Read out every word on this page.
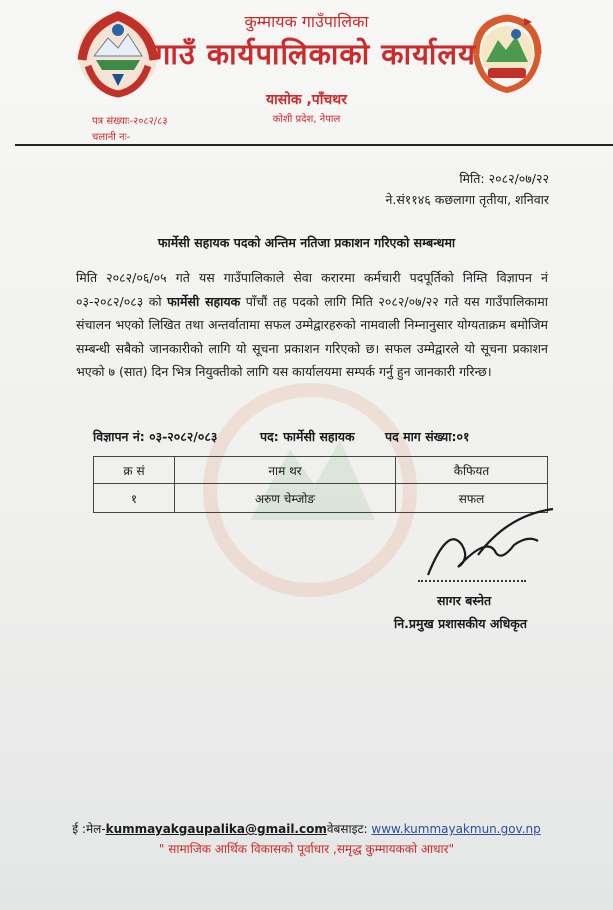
कुम्मायक गाउँपालिका
गाउँ कार्यपालिकाको कार्यालय
यासोक ,पाँचथर
कोशी प्रदेश, नेपाल
पत्र संख्याः-२०८२/८३
चलानी नः-
मिति: २०८२/०७/२२
ने.सं११४६ कछलागा तृतीया, शनिवार
फार्मेसी सहायक पदको अन्तिम नतिजा प्रकाशन गरिएको सम्बन्धमा
मिति २०८२/०६/०५ गते यस गाउँपालिकाले सेवा करारमा कर्मचारी पदपूर्तिको निम्ति विज्ञापन नं ०३-२०८२/०८३ को फार्मेसी सहायक पाँचौं तह पदको लागि मिति २०८२/०७/२२ गते यस गाउँपालिकामा संचालन भएको लिखित तथा अन्तर्वातामा सफल उम्मेद्वारहरुको नामवाली निम्नानुसार योग्यताक्रम बमोजिम सम्बन्धी सबैको जानकारीको लागि यो सूचना प्रकाशन गरिएको छ। सफल उम्मेद्वारले यो सूचना प्रकाशन भएको ७ (सात) दिन भित्र नियुक्तीको लागि यस कार्यालयमा सम्पर्क गर्नु हुन जानकारी गरिन्छ।
विज्ञापन नं: ०३-२०८२/०८३	पद: फार्मेसी सहायक पद माग संख्या:०१
क्र सं	नाम थर	कैफियत
१	अरुण चेम्जोङ	सफल
सागर बस्नेत
नि.प्रमुख प्रशासकीय अधिकृत
ई :मेल-kummayakgaupalika@gmail.comवेबसाइट: www.kummayakmun.gov.np
" सामाजिक आर्थिक विकासको पूर्वाधार ,समृद्ध कुम्मायकको आधार"
